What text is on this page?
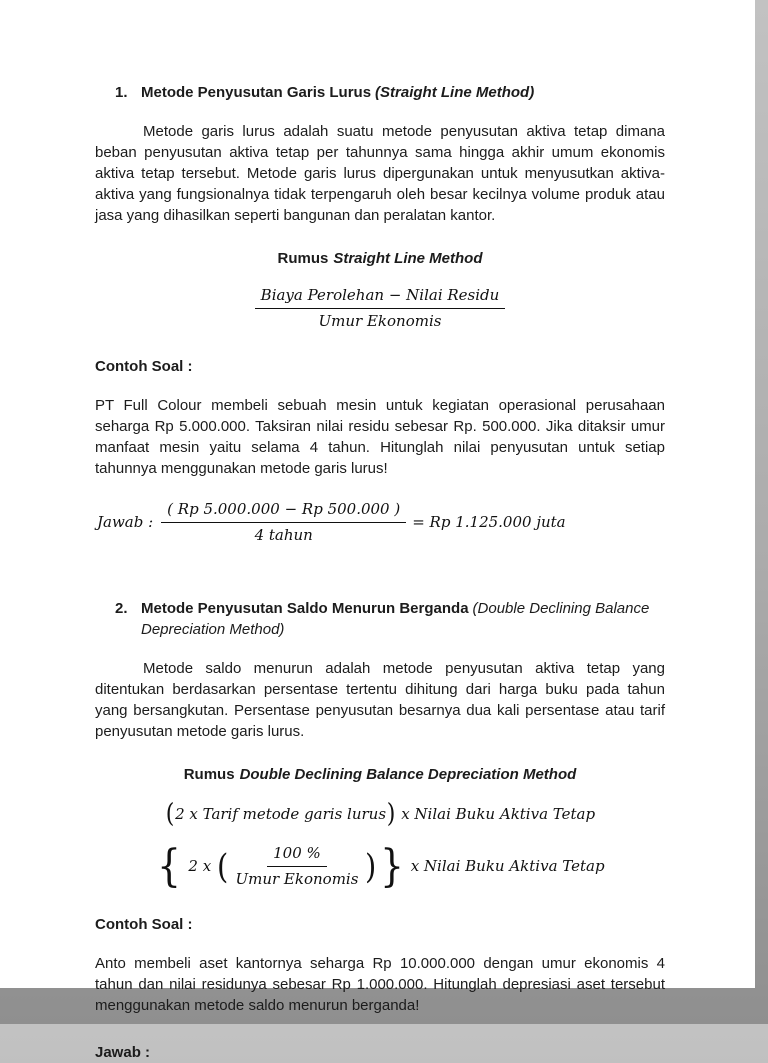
1. Metode Penyusutan Garis Lurus (Straight Line Method)

Metode garis lurus adalah suatu metode penyusutan aktiva tetap dimana beban penyusutan aktiva tetap per tahunnya sama hingga akhir umum ekonomis aktiva tetap tersebut. Metode garis lurus dipergunakan untuk menyusutkan aktiva-aktiva yang fungsionalnya tidak terpengaruh oleh besar kecilnya volume produk atau jasa yang dihasilkan seperti bangunan dan peralatan kantor.

Rumus Straight Line Method
$\frac{\text{Biaya Perolehan − Nilai Residu}}{\text{Umur Ekonomis}}$
Contoh Soal :

PT Full Colour membeli sebuah mesin untuk kegiatan operasional perusahaan seharga Rp 5.000.000. Taksiran nilai residu sebesar Rp. 500.000. Jika ditaksir umur manfaat mesin yaitu selama 4 tahun. Hitunglah nilai penyusutan untuk setiap tahunnya menggunakan metode garis lurus!

Jawab : $\frac{( Rp 5.000.000 - Rp 500.000 )}{\text{4 tahun}} = Rp$ 1.125.000 juta
2. Metode Penyusutan Saldo Menurun Berganda (Double Declining Balance Depreciation Method)

Metode saldo menurun adalah metode penyusutan aktiva tetap yang ditentukan berdasarkan persentase tertentu dihitung dari harga buku pada tahun yang bersangkutan. Persentase penyusutan besarnya dua kali persentase atau tarif penyusutan metode garis lurus.

Rumus Double Declining Balance Depreciation Method
( 2 x Tarif metode garis lurus ) x Nilai Buku Aktiva Tetap
{ 2 x ( $\frac{100 \%}{\text{Umur Ekonomis}}$ ) } x Nilai Buku Aktiva Tetap
Contoh Soal :

Anto membeli aset kantornya seharga Rp 10.000.000 dengan umur ekonomis 4 tahun dan nilai residunya sebesar Rp 1.000.000. Hitunglah depresiasi aset tersebut menggunakan metode saldo menurun berganda!

Jawab :
